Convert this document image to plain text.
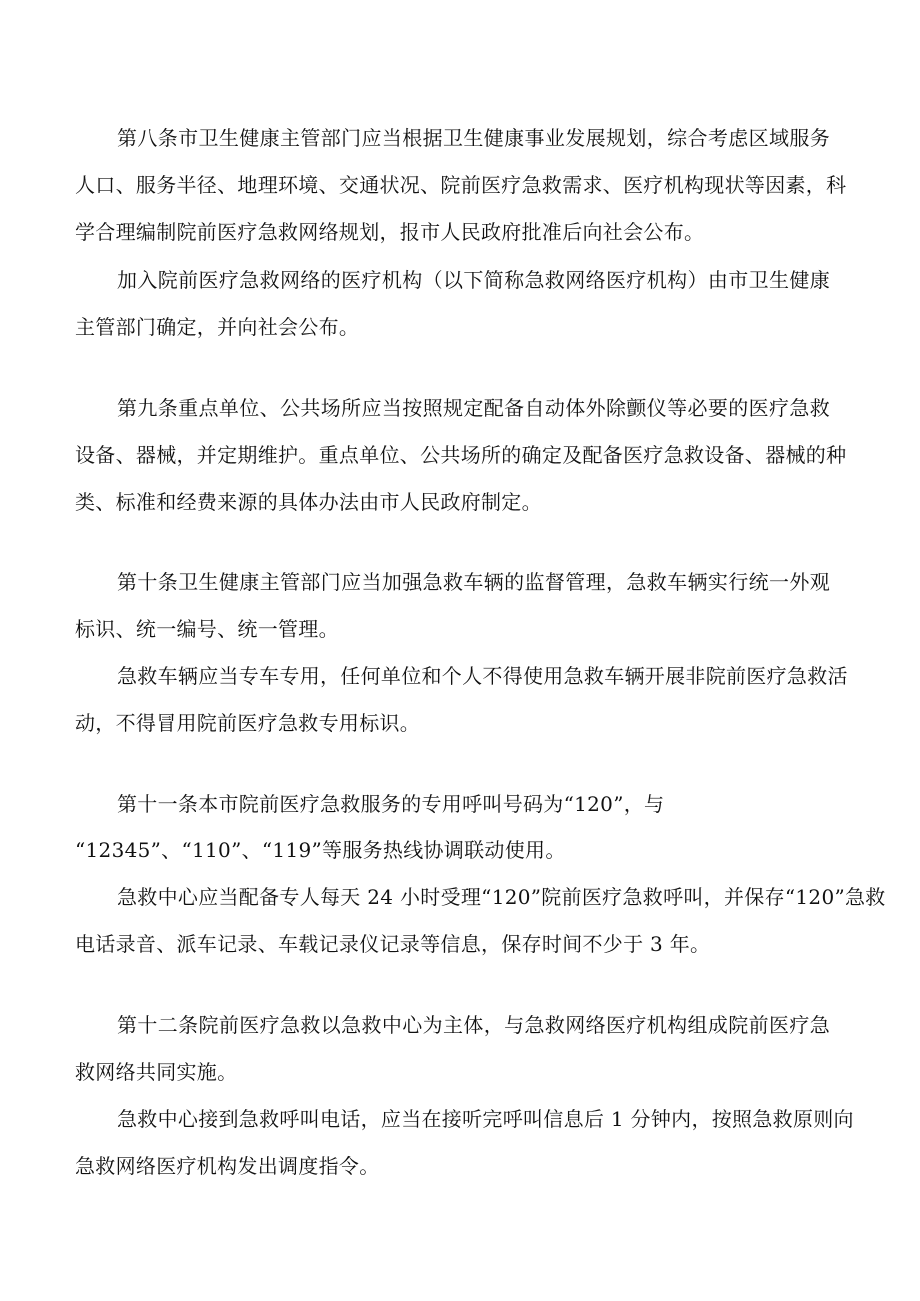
第八条市卫生健康主管部门应当根据卫生健康事业发展规划，综合考虑区域服务
人口、服务半径、地理环境、交通状况、院前医疗急救需求、医疗机构现状等因素，科
学合理编制院前医疗急救网络规划，报市人民政府批准后向社会公布。
加入院前医疗急救网络的医疗机构（以下简称急救网络医疗机构）由市卫生健康
主管部门确定，并向社会公布。
第九条重点单位、公共场所应当按照规定配备自动体外除颤仪等必要的医疗急救
设备、器械，并定期维护。重点单位、公共场所的确定及配备医疗急救设备、器械的种
类、标准和经费来源的具体办法由市人民政府制定。
第十条卫生健康主管部门应当加强急救车辆的监督管理，急救车辆实行统一外观
标识、统一编号、统一管理。
急救车辆应当专车专用，任何单位和个人不得使用急救车辆开展非院前医疗急救活
动，不得冒用院前医疗急救专用标识。
第十一条本市院前医疗急救服务的专用呼叫号码为“120”，与
“12345”、“110”、“119”等服务热线协调联动使用。
急救中心应当配备专人每天 24 小时受理“120”院前医疗急救呼叫，并保存“120”急救
电话录音、派车记录、车载记录仪记录等信息，保存时间不少于 3 年。
第十二条院前医疗急救以急救中心为主体，与急救网络医疗机构组成院前医疗急
救网络共同实施。
急救中心接到急救呼叫电话，应当在接听完呼叫信息后 1 分钟内，按照急救原则向
急救网络医疗机构发出调度指令。
